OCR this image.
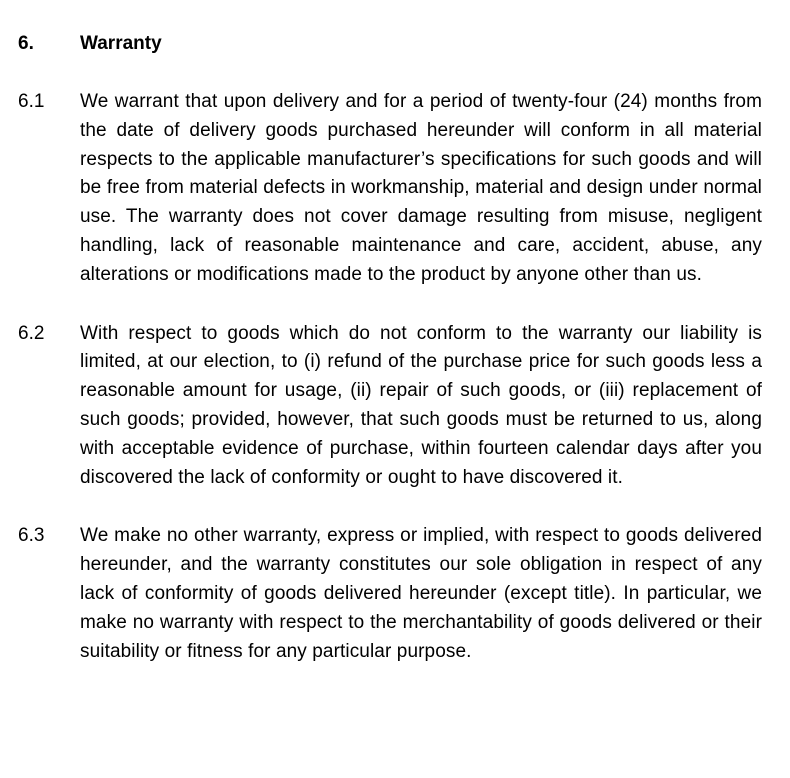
6.	Warranty
6.1	We warrant that upon delivery and for a period of twenty-four (24) months from the date of delivery goods purchased hereunder will conform in all material respects to the applicable manufacturer’s specifications for such goods and will be free from material defects in workmanship, material and design under normal use. The warranty does not cover damage resulting from misuse, negligent handling, lack of reasonable maintenance and care, accident, abuse, any alterations or modifications made to the product by anyone other than us.

6.2	With respect to goods which do not conform to the warranty our liability is limited, at our election, to (i) refund of the purchase price for such goods less a reasonable amount for usage, (ii) repair of such goods, or (iii) replacement of such goods; provided, however, that such goods must be returned to us, along with acceptable evidence of purchase, within fourteen calendar days after you discovered the lack of conformity or ought to have discovered it.

6.3	We make no other warranty, express or implied, with respect to goods delivered hereunder, and the warranty constitutes our sole obligation in respect of any lack of conformity of goods delivered hereunder (except title). In particular, we make no warranty with respect to the merchantability of goods delivered or their suitability or fitness for any particular purpose.
